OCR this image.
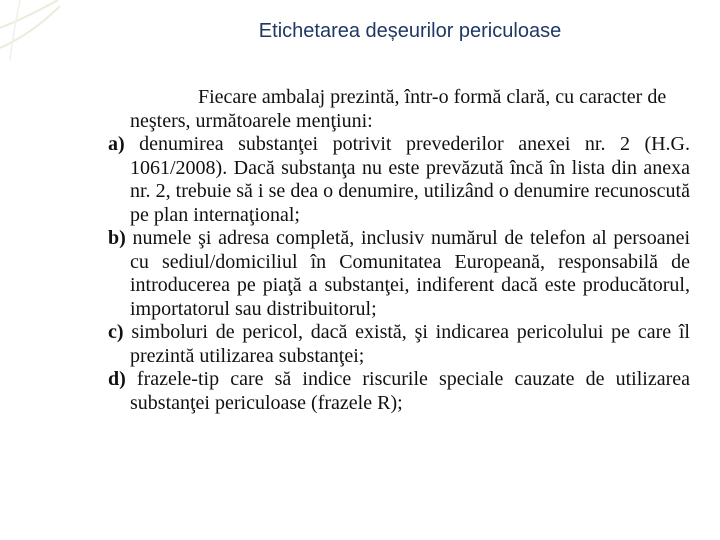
Etichetarea deșeurilor periculoase

Fiecare ambalaj prezintă, într-o formă clară, cu caracter de neşters, următoarele menţiuni:

a) denumirea substanţei potrivit prevederilor anexei nr. 2 (H.G. 1061/2008). Dacă substanţa nu este prevăzută încă în lista din anexa nr. 2, trebuie să i se dea o denumire, utilizând o denumire recunoscută pe plan internaţional;

b) numele şi adresa completă, inclusiv numărul de telefon al persoanei cu sediul/domiciliul în Comunitatea Europeană, responsabilă de introducerea pe piaţă a substanţei, indiferent dacă este producătorul, importatorul sau distribuitorul;

c) simboluri de pericol, dacă există, şi indicarea pericolului pe care îl prezintă utilizarea substanţei;

d) frazele-tip care să indice riscurile speciale cauzate de utilizarea substanţei periculoase (frazele R);
